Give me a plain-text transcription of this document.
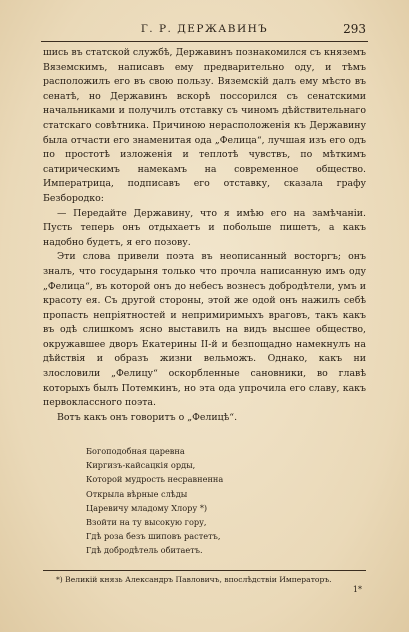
Г. Р. ДЕРЖАВИНЪ	293

шись въ статской службѣ, Державинъ познакомился съ княземъ Вяземскимъ, написавъ ему предварительно оду, и тѣмъ расположилъ его въ свою пользу. Вяземскій далъ ему мѣсто въ сенатѣ, но Державинъ вскорѣ поссорился съ сенатскими начальниками и получилъ отставку съ чиномъ дѣйствительнаго статскаго совѣтника. Причиною нерасположенія къ Державину была отчасти его знаменитая ода „Фелица“, лучшая изъ его одъ по простотѣ изложенія и теплотѣ чувствъ, по мѣткимъ сатирическимъ намекамъ на современное общество. Императрица, подписавъ его отставку, сказала графу Безбородко:

— Передайте Державину, что я имѣю его на замѣчаніи. Пусть теперь онъ отдыхаетъ и побольше пишетъ, а какъ надобно будетъ, я его позову.

Эти слова привели поэта въ неописанный восторгъ; онъ зналъ, что государыня только что прочла написанную имъ оду „Фелица“, въ которой онъ до небесъ вознесъ добродѣтели, умъ и красоту ея. Съ другой стороны, этой же одой онъ нажилъ себѣ пропасть непріятностей и непримиримыхъ враговъ, такъ какъ въ одѣ слишкомъ ясно выставилъ на видъ высшее общество, окружавшее дворъ Екатерины II-й и безпощадно намекнулъ на дѣйствія и образъ жизни вельможъ. Однако, какъ ни злословили „Фелицу“ оскорбленные сановники, во главѣ которыхъ былъ Потемкинъ, но эта ода упрочила его славу, какъ первоклассного поэта.

Вотъ какъ онъ говоритъ о „Фелицѣ“.

Богоподобная царевна
Киргизъ-кайсацкія орды,
Которой мудрость несравненна
Открыла вѣрные слѣды
Царевичу младому Хлору *)
Взойти на ту высокую гору,
Гдѣ роза безъ шиповъ растетъ,
Гдѣ добродѣтель обитаетъ.
*) Великій князь Александръ Павловичъ, впослѣдствіи Императоръ.
1*
